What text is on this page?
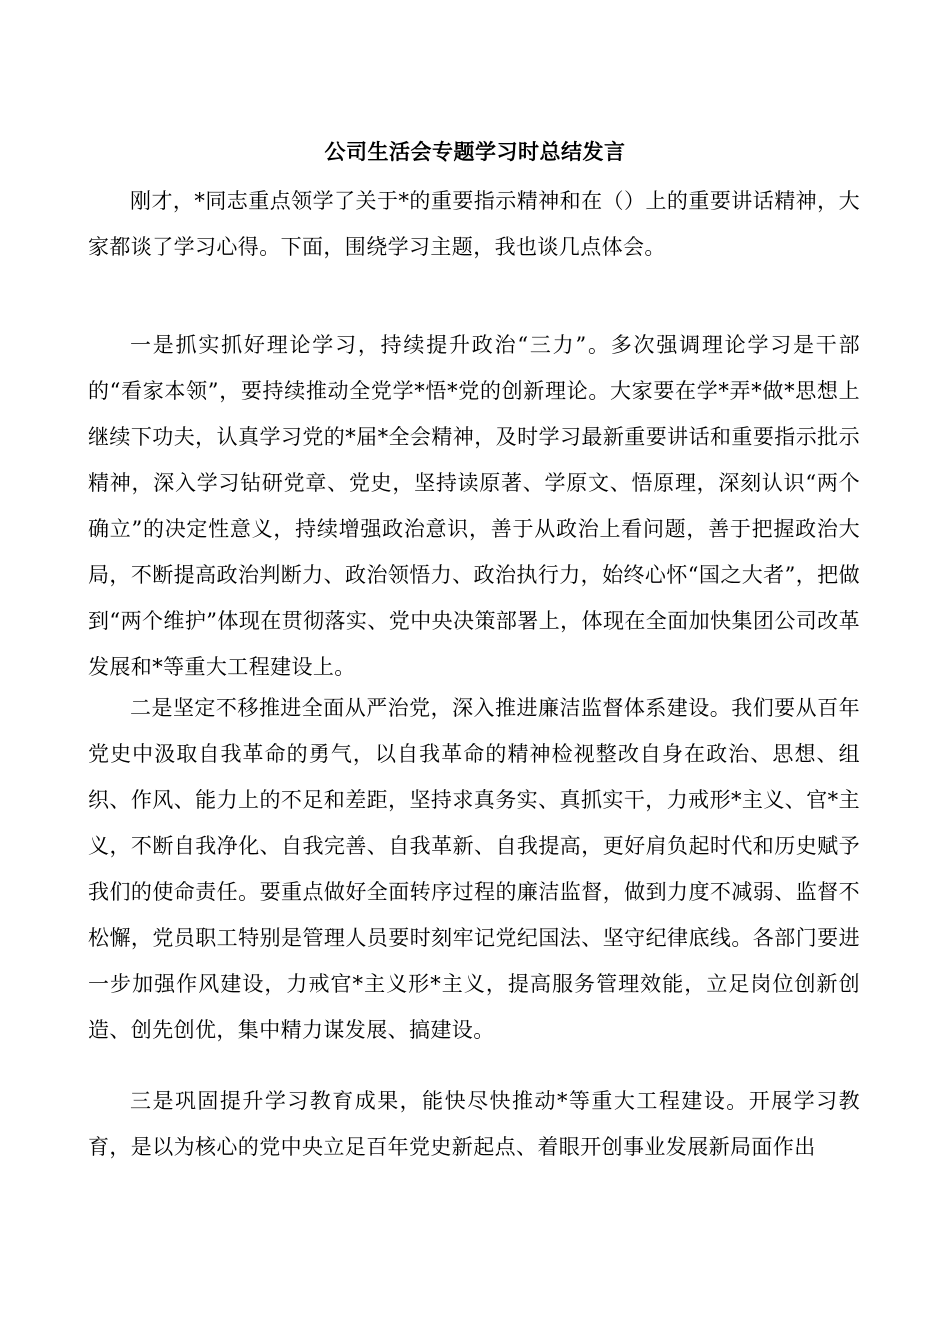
公司生活会专题学习时总结发言

刚才，*同志重点领学了关于*的重要指示精神和在（）上的重要讲话精神，大家都谈了学习心得。下面，围绕学习主题，我也谈几点体会。

一是抓实抓好理论学习，持续提升政治“三力”。多次强调理论学习是干部的“看家本领”，要持续推动全党学*悟*党的创新理论。大家要在学*弄*做*思想上继续下功夫，认真学习党的*届*全会精神，及时学习最新重要讲话和重要指示批示精神，深入学习钻研党章、党史，坚持读原著、学原文、悟原理，深刻认识“两个确立”的决定性意义，持续增强政治意识，善于从政治上看问题，善于把握政治大局，不断提高政治判断力、政治领悟力、政治执行力，始终心怀“国之大者”，把做到“两个维护”体现在贯彻落实、党中央决策部署上，体现在全面加快集团公司改革发展和*等重大工程建设上。

二是坚定不移推进全面从严治党，深入推进廉洁监督体系建设。我们要从百年党史中汲取自我革命的勇气，以自我革命的精神检视整改自身在政治、思想、组织、作风、能力上的不足和差距，坚持求真务实、真抓实干，力戒形*主义、官*主义，不断自我净化、自我完善、自我革新、自我提高，更好肩负起时代和历史赋予我们的使命责任。要重点做好全面转序过程的廉洁监督，做到力度不减弱、监督不松懈，党员职工特别是管理人员要时刻牢记党纪国法、坚守纪律底线。各部门要进一步加强作风建设，力戒官*主义形*主义，提高服务管理效能，立足岗位创新创造、创先创优，集中精力谋发展、搞建设。

三是巩固提升学习教育成果，能快尽快推动*等重大工程建设。开展学习教育，是以为核心的党中央立足百年党史新起点、着眼开创事业发展新局面作出
